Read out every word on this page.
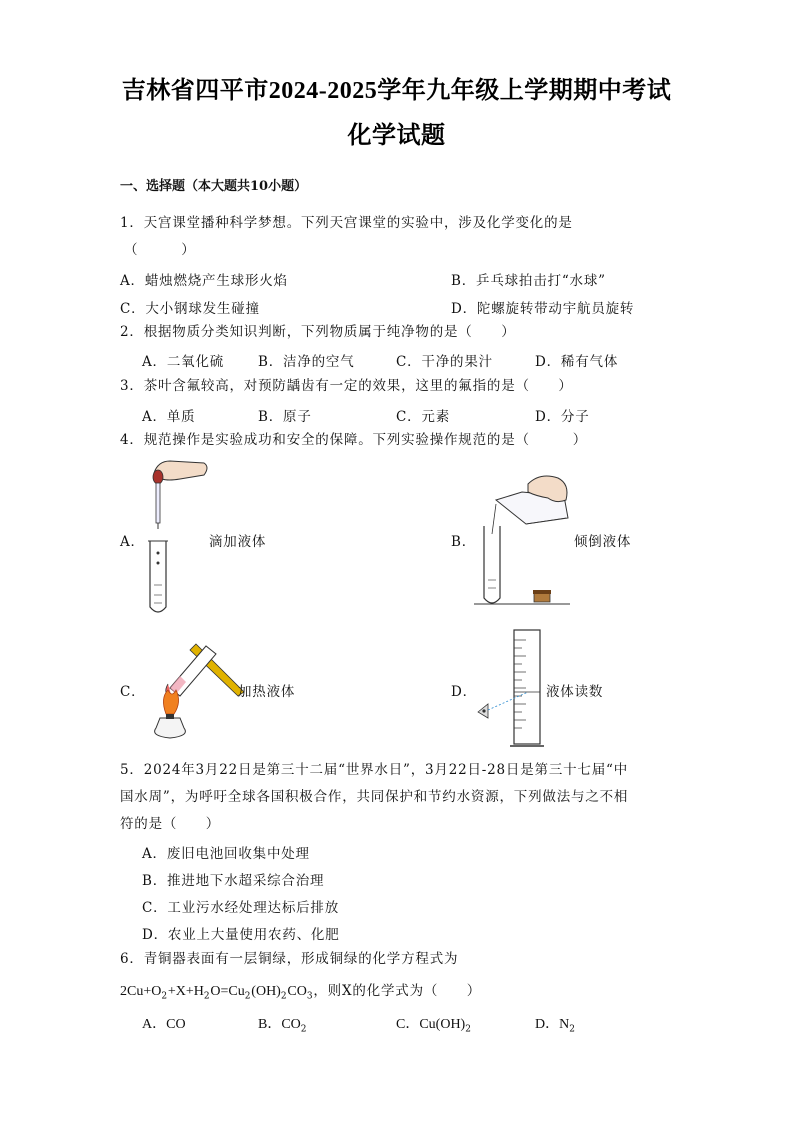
吉林省四平市2024-2025学年九年级上学期期中考试
化学试题
一、选择题（本大题共10小题）
1．天宫课堂播种科学梦想。下列天宫课堂的实验中，涉及化学变化的是
（　　　）
A．蜡烛燃烧产生球形火焰	B．乒乓球拍击打“水球”
C．大小钢球发生碰撞	D．陀螺旋转带动宇航员旋转
2．根据物质分类知识判断，下列物质属于纯净物的是（　　）
A．二氧化硫	B．洁净的空气	C．干净的果汁	D．稀有气体
3．茶叶含氟较高，对预防龋齿有一定的效果，这里的氟指的是（　　）
A．单质	B．原子	C．元素	D．分子
4．规范操作是实验成功和安全的保障。下列实验操作规范的是（　　　）
A．	滴加液体	B．	倾倒液体
C．	加热液体	D．	液体读数
5．2024年3月22日是第三十二届“世界水日”，3月22日-28日是第三十七届“中
国水周”，为呼吁全球各国积极合作，共同保护和节约水资源，下列做法与之不相
符的是（　　）
A．废旧电池回收集中处理
B．推进地下水超采综合治理
C．工业污水经处理达标后排放
D．农业上大量使用农药、化肥
6．青铜器表面有一层铜绿，形成铜绿的化学方程式为
$2Cu+O_2+X+H_2O=Cu_2(OH)_2CO_3$，则X的化学式为（　　）
A．CO	B．$CO_2$	C．$Cu(OH)_2$	D．$N_2$
